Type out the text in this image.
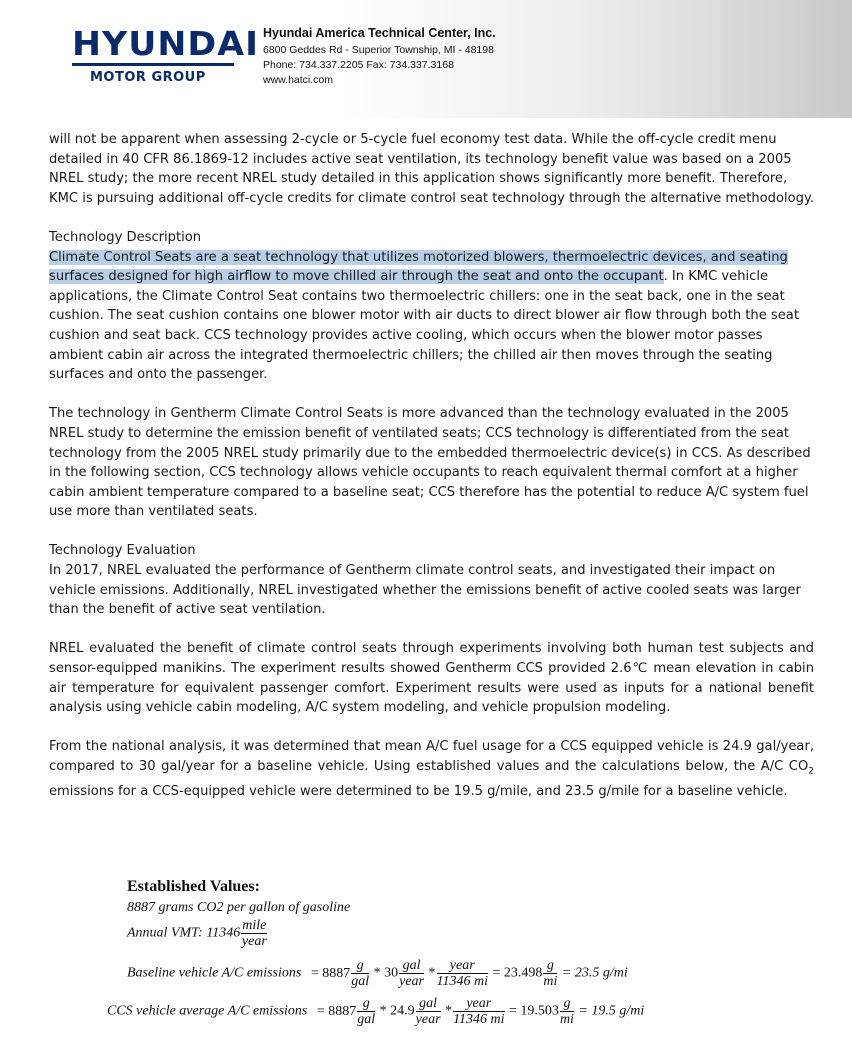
HYUNDAI
MOTOR GROUP
Hyundai America Technical Center, Inc.
6800 Geddes Rd - Superior Township, MI - 48198
Phone: 734.337.2205 Fax: 734.337.3168
www.hatci.com

will not be apparent when assessing 2-cycle or 5-cycle fuel economy test data. While the off-cycle credit menu detailed in 40 CFR 86.1869-12 includes active seat ventilation, its technology benefit value was based on a 2005 NREL study; the more recent NREL study detailed in this application shows significantly more benefit. Therefore, KMC is pursuing additional off-cycle credits for climate control seat technology through the alternative methodology.

Technology Description

Climate Control Seats are a seat technology that utilizes motorized blowers, thermoelectric devices, and seating surfaces designed for high airflow to move chilled air through the seat and onto the occupant. In KMC vehicle applications, the Climate Control Seat contains two thermoelectric chillers: one in the seat back, one in the seat cushion. The seat cushion contains one blower motor with air ducts to direct blower air flow through both the seat cushion and seat back. CCS technology provides active cooling, which occurs when the blower motor passes ambient cabin air across the integrated thermoelectric chillers; the chilled air then moves through the seating surfaces and onto the passenger.

The technology in Gentherm Climate Control Seats is more advanced than the technology evaluated in the 2005 NREL study to determine the emission benefit of ventilated seats; CCS technology is differentiated from the seat technology from the 2005 NREL study primarily due to the embedded thermoelectric device(s) in CCS. As described in the following section, CCS technology allows vehicle occupants to reach equivalent thermal comfort at a higher cabin ambient temperature compared to a baseline seat; CCS therefore has the potential to reduce A/C system fuel use more than ventilated seats.

Technology Evaluation

In 2017, NREL evaluated the performance of Gentherm climate control seats, and investigated their impact on vehicle emissions. Additionally, NREL investigated whether the emissions benefit of active cooled seats was larger than the benefit of active seat ventilation.

NREL evaluated the benefit of climate control seats through experiments involving both human test subjects and sensor-equipped manikins. The experiment results showed Gentherm CCS provided 2.6℃ mean elevation in cabin air temperature for equivalent passenger comfort. Experiment results were used as inputs for a national benefit analysis using vehicle cabin modeling, A/C system modeling, and vehicle propulsion modeling.

From the national analysis, it was determined that mean A/C fuel usage for a CCS equipped vehicle is 24.9 gal/year, compared to 30 gal/year for a baseline vehicle. Using established values and the calculations below, the A/C $CO_2$ emissions for a CCS-equipped vehicle were determined to be 19.5 g/mile, and 23.5 g/mile for a baseline vehicle.

Established Values:
8887 grams CO2 per gallon of gasoline
Annual VMT: $11346 \frac{\text{mile}}{\text{year}}$
Baseline vehicle A/C emissions = $8887 \frac{g}{\text{gal}} * 30 \frac{\text{gal}}{\text{year}} * \frac{\text{year}}{11346 mi} = 23.498 \frac{g}{mi} = 23.5$ g/mi
CCS vehicle average A/C emissions = $8887 \frac{g}{\text{gal}} * 24.9 \frac{\text{gal}}{\text{year}} * \frac{\text{year}}{11346 mi} = 19.503 \frac{g}{mi} = 19.5$ g/mi
